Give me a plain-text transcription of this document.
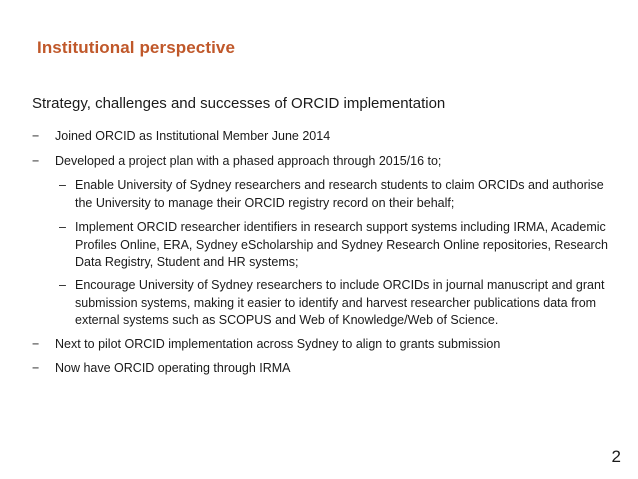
Institutional perspective
Strategy, challenges and successes of ORCID implementation
−	Joined ORCID as Institutional Member June 2014
−	Developed a project plan with a phased approach through 2015/16 to;
– Enable University of Sydney researchers and research students to claim ORCIDs and authorise the University to manage their ORCID registry record on their behalf;
– Implement ORCID researcher identifiers in research support systems including IRMA, Academic Profiles Online, ERA, Sydney eScholarship and Sydney Research Online repositories, Research Data Registry, Student and HR systems;
– Encourage University of Sydney researchers to include ORCIDs in journal manuscript and grant submission systems, making it easier to identify and harvest researcher publications data from external systems such as SCOPUS and Web of Knowledge/Web of Science.
−	Next to pilot ORCID implementation across Sydney to align to grants submission
−	Now have ORCID operating through IRMA
2
